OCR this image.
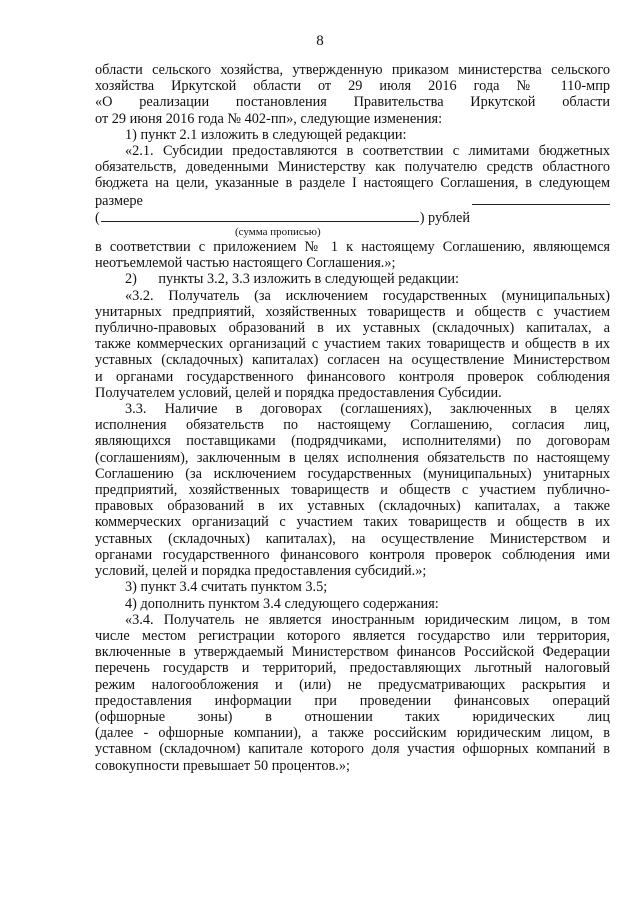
8
области сельского хозяйства, утвержденную приказом министерства сельского
хозяйства Иркутской области от 29 июля 2016 года № 110-мпр
«О реализации постановления Правительства Иркутской области
от 29 июня 2016 года № 402-пп», следующие изменения:
1) пункт 2.1 изложить в следующей редакции:
«2.1. Субсидии предоставляются в соответствии с лимитами бюджетных
обязательств, доведенными Министерству как получателю средств областного
бюджета на цели, указанные в разделе I настоящего Соглашения, в следующем
размере
(	) рублей
(сумма прописью)
в соответствии с приложением № 1 к настоящему Соглашению, являющемся
неотъемлемой частью настоящего Соглашения.»;
2)      пункты 3.2, 3.3 изложить в следующей редакции:
«3.2. Получатель (за исключением государственных (муниципальных)
унитарных предприятий, хозяйственных товариществ и обществ с участием
публично-правовых образований в их уставных (складочных) капиталах, а
также коммерческих организаций с участием таких товариществ и обществ в их
уставных (складочных) капиталах) согласен на осуществление Министерством
и органами государственного финансового контроля проверок соблюдения
Получателем условий, целей и порядка предоставления Субсидии.
3.3. Наличие в договорах (соглашениях), заключенных в целях
исполнения обязательств по настоящему Соглашению, согласия лиц,
являющихся поставщиками (подрядчиками, исполнителями) по договорам
(соглашениям), заключенным в целях исполнения обязательств по настоящему
Соглашению (за исключением государственных (муниципальных) унитарных
предприятий, хозяйственных товариществ и обществ с участием публично-
правовых образований в их уставных (складочных) капиталах, а также
коммерческих организаций с участием таких товариществ и обществ в их
уставных (складочных) капиталах), на осуществление Министерством и
органами государственного финансового контроля проверок соблюдения ими
условий, целей и порядка предоставления субсидий.»;
3) пункт 3.4 считать пунктом 3.5;
4) дополнить пунктом 3.4 следующего содержания:
«3.4. Получатель не является иностранным юридическим лицом, в том
числе местом регистрации которого является государство или территория,
включенные в утверждаемый Министерством финансов Российской Федерации
перечень государств и территорий, предоставляющих льготный налоговый
режим налогообложения и (или) не предусматривающих раскрытия и
предоставления информации при проведении финансовых операций
(офшорные зоны) в отношении таких юридических лиц
(далее - офшорные компании), а также российским юридическим лицом, в
уставном (складочном) капитале которого доля участия офшорных компаний в
совокупности превышает 50 процентов.»;
